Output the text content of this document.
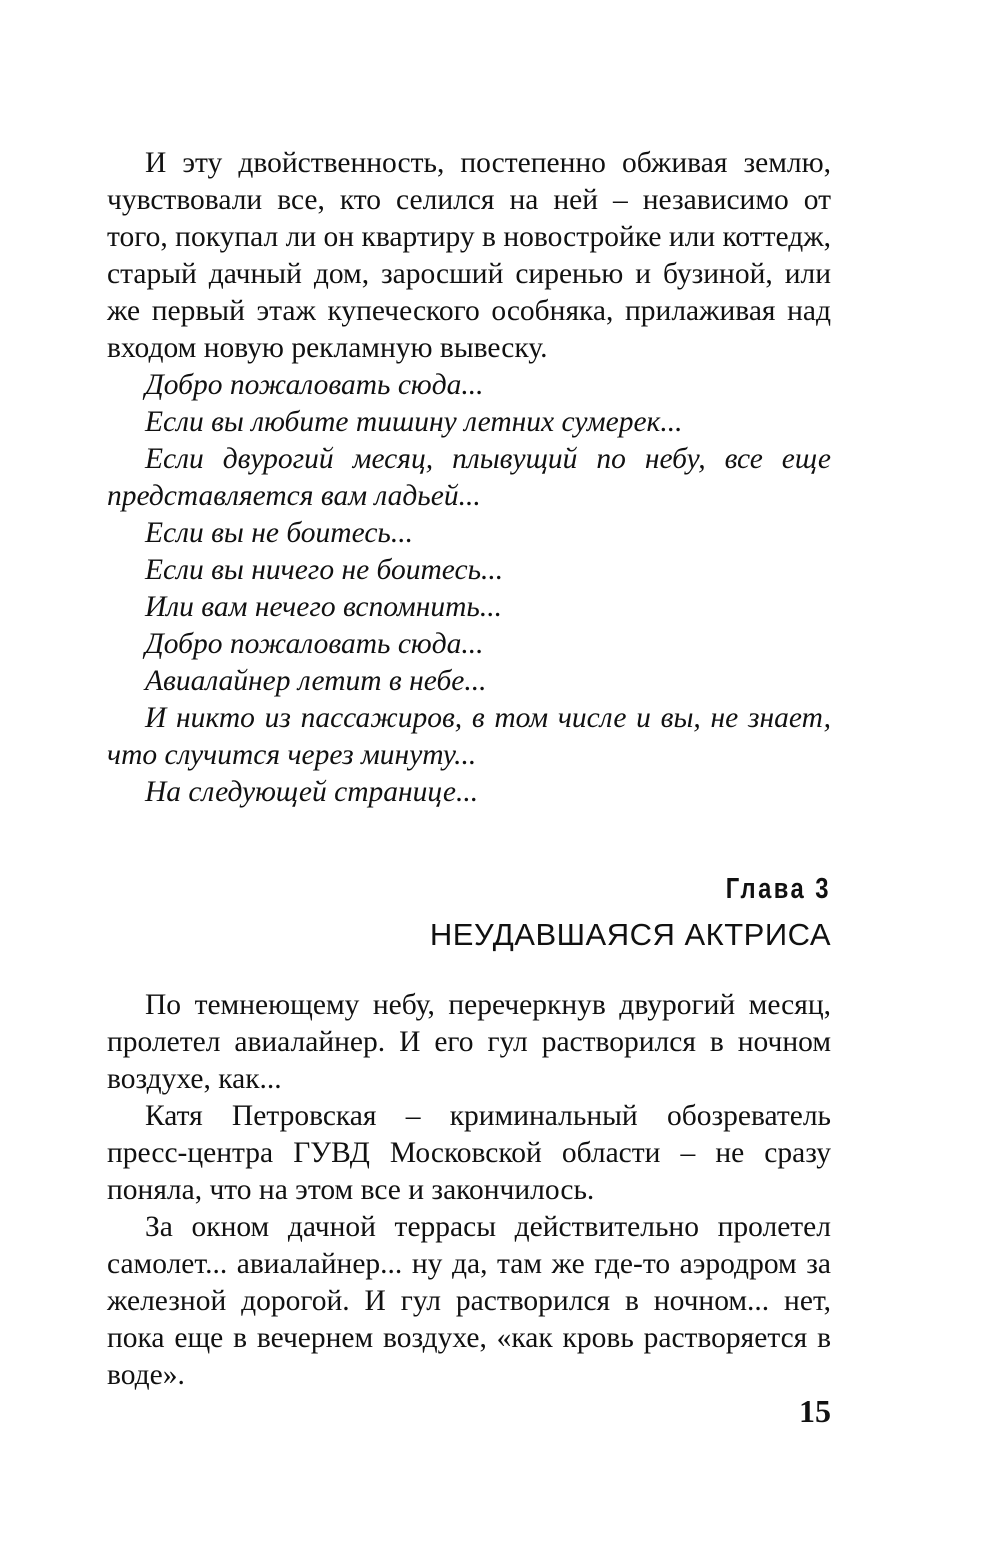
И эту двойственность, постепенно обживая землю, чувствовали все, кто селился на ней – независимо от того, покупал ли он квартиру в новостройке или коттедж, старый дачный дом, заросший сиренью и бузиной, или же первый этаж купеческого особняка, прилаживая над входом новую рекламную вывеску.

Добро пожаловать сюда...

Если вы любите тишину летних сумерек...

Если двурогий месяц, плывущий по небу, все еще представляется вам ладьей...

Если вы не боитесь...

Если вы ничего не боитесь...

Или вам нечего вспомнить...

Добро пожаловать сюда...

Авиалайнер летит в небе...

И никто из пассажиров, в том числе и вы, не знает, что случится через минуту...

На следующей странице...

Глава 3
НЕУДАВШАЯСЯ АКТРИСА

По темнеющему небу, перечеркнув двурогий месяц, пролетел авиалайнер. И его гул растворился в ночном воздухе, как...

Катя Петровская – криминальный обозреватель пресс-центра ГУВД Московской области – не сразу поняла, что на этом все и закончилось.

За окном дачной террасы действительно пролетел самолет... авиалайнер... ну да, там же где-то аэродром за железной дорогой. И гул растворился в ночном... нет, пока еще в вечернем воздухе, «как кровь растворяется в воде».

15
